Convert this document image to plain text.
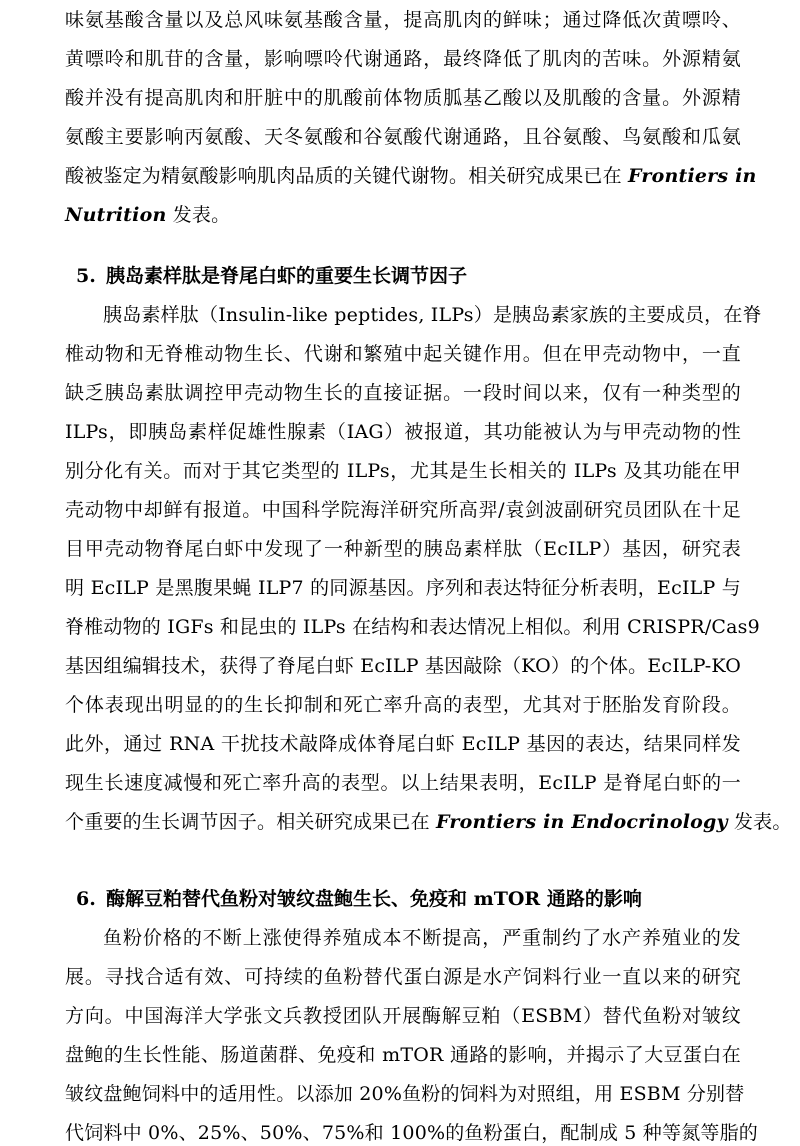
味氨基酸含量以及总风味氨基酸含量，提高肌肉的鲜味；通过降低次黄嘌呤、
黄嘌呤和肌苷的含量，影响嘌呤代谢通路，最终降低了肌肉的苦味。外源精氨
酸并没有提高肌肉和肝脏中的肌酸前体物质胍基乙酸以及肌酸的含量。外源精
氨酸主要影响丙氨酸、天冬氨酸和谷氨酸代谢通路，且谷氨酸、鸟氨酸和瓜氨
酸被鉴定为精氨酸影响肌肉品质的关键代谢物。相关研究成果已在 Frontiers in
Nutrition 发表。
5. 胰岛素样肽是脊尾白虾的重要生长调节因子
胰岛素样肽（Insulin-like peptides, ILPs）是胰岛素家族的主要成员，在脊
椎动物和无脊椎动物生长、代谢和繁殖中起关键作用。但在甲壳动物中，一直
缺乏胰岛素肽调控甲壳动物生长的直接证据。一段时间以来，仅有一种类型的
ILPs，即胰岛素样促雄性腺素（IAG）被报道，其功能被认为与甲壳动物的性
别分化有关。而对于其它类型的 ILPs，尤其是生长相关的 ILPs 及其功能在甲
壳动物中却鲜有报道。中国科学院海洋研究所高羿/袁剑波副研究员团队在十足
目甲壳动物脊尾白虾中发现了一种新型的胰岛素样肽（EcILP）基因，研究表
明 EcILP 是黑腹果蝇 ILP7 的同源基因。序列和表达特征分析表明，EcILP 与
脊椎动物的 IGFs 和昆虫的 ILPs 在结构和表达情况上相似。利用 CRISPR/Cas9
基因组编辑技术，获得了脊尾白虾 EcILP 基因敲除（KO）的个体。EcILP-KO
个体表现出明显的的生长抑制和死亡率升高的表型，尤其对于胚胎发育阶段。
此外，通过 RNA 干扰技术敲降成体脊尾白虾 EcILP 基因的表达，结果同样发
现生长速度减慢和死亡率升高的表型。以上结果表明，EcILP 是脊尾白虾的一
个重要的生长调节因子。相关研究成果已在 Frontiers in Endocrinology 发表。
6. 酶解豆粕替代鱼粉对皱纹盘鲍生长、免疫和 mTOR 通路的影响
鱼粉价格的不断上涨使得养殖成本不断提高，严重制约了水产养殖业的发
展。寻找合适有效、可持续的鱼粉替代蛋白源是水产饲料行业一直以来的研究
方向。中国海洋大学张文兵教授团队开展酶解豆粕（ESBM）替代鱼粉对皱纹
盘鲍的生长性能、肠道菌群、免疫和 mTOR 通路的影响，并揭示了大豆蛋白在
皱纹盘鲍饲料中的适用性。以添加 20%鱼粉的饲料为对照组，用 ESBM 分别替
代饲料中 0%、25%、50%、75%和 100%的鱼粉蛋白，配制成 5 种等氮等脂的
